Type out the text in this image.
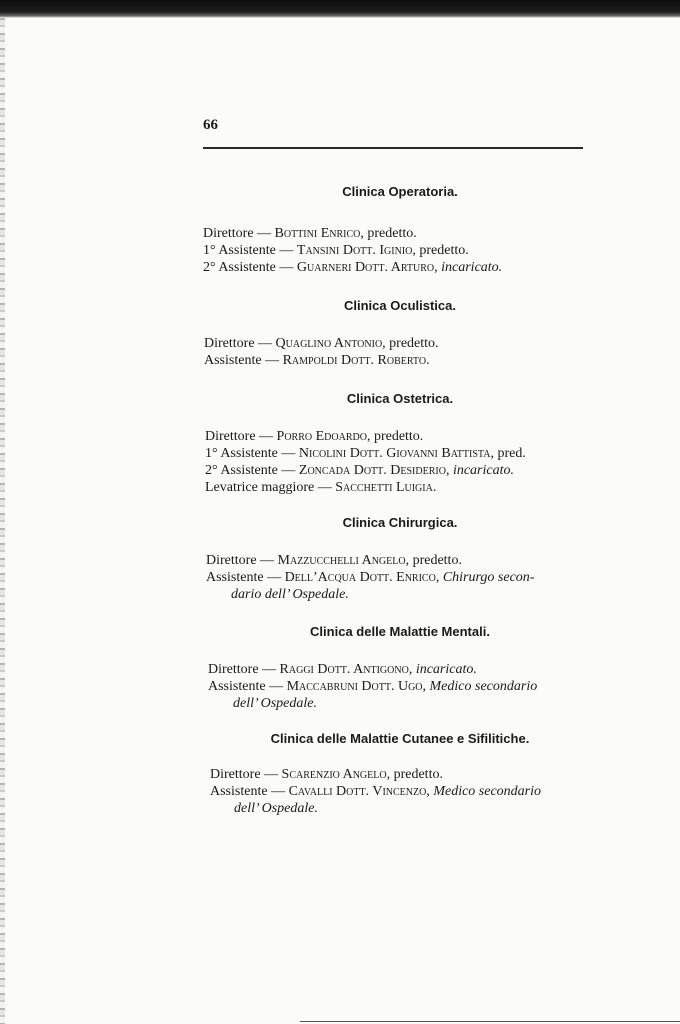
66
Clinica Operatoria.
Direttore — Bottini Enrico, predetto.
1° Assistente — Tansini Dott. Iginio, predetto.
2° Assistente — Guarneri Dott. Arturo, incaricato.
Clinica Oculistica.
Direttore — Quaglino Antonio, predetto.
Assistente — Rampoldi Dott. Roberto.
Clinica Ostetrica.
Direttore — Porro Edoardo, predetto.
1° Assistente — Nicolini Dott. Giovanni Battista, pred.
2° Assistente — Zoncada Dott. Desiderio, incaricato.
Levatrice maggiore — Sacchetti Luigia.
Clinica Chirurgica.
Direttore — Mazzucchelli Angelo, predetto.
Assistente — Dell’Acqua Dott. Enrico, Chirurgo secon-
dario dell’ Ospedale.
Clinica delle Malattie Mentali.
Direttore — Raggi Dott. Antigono, incaricato.
Assistente — Maccabruni Dott. Ugo, Medico secondario
dell’ Ospedale.
Clinica delle Malattie Cutanee e Sifilitiche.
Direttore — Scarenzio Angelo, predetto.
Assistente — Cavalli Dott. Vincenzo, Medico secondario
dell’ Ospedale.
